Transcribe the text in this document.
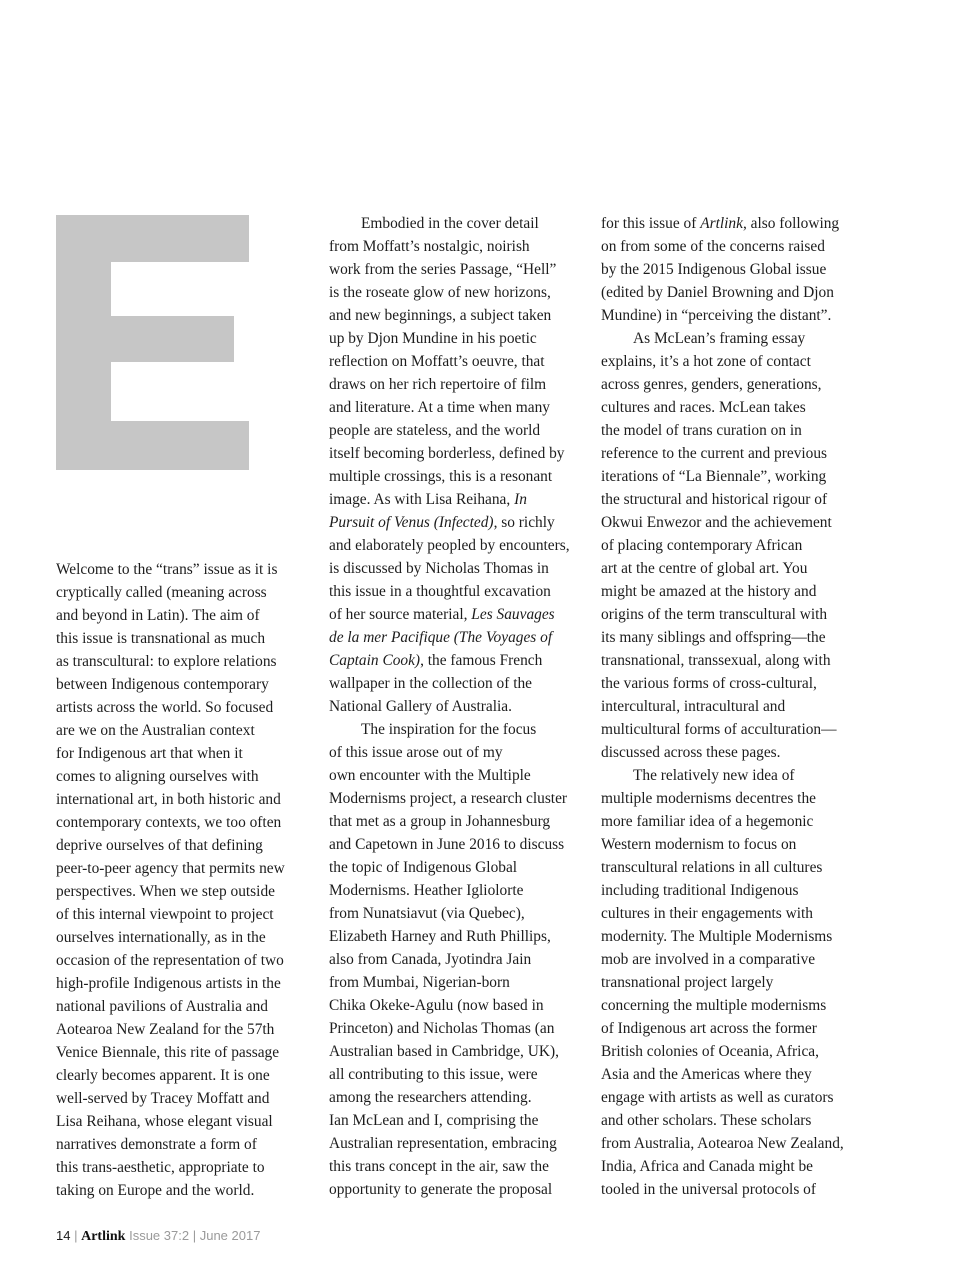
Welcome to the “trans” issue as it is
cryptically called (meaning across
and beyond in Latin). The aim of
this issue is transnational as much
as transcultural: to explore relations
between Indigenous contemporary
artists across the world. So focused
are we on the Australian context
for Indigenous art that when it
comes to aligning ourselves with
international art, in both historic and
contemporary contexts, we too often
deprive ourselves of that defining
peer-to-peer agency that permits new
perspectives. When we step outside
of this internal viewpoint to project
ourselves internationally, as in the
occasion of the representation of two
high-profile Indigenous artists in the
national pavilions of Australia and
Aotearoa New Zealand for the 57th
Venice Biennale, this rite of passage
clearly becomes apparent. It is one
well-served by Tracey Moffatt and
Lisa Reihana, whose elegant visual
narratives demonstrate a form of
this trans-aesthetic, appropriate to
taking on Europe and the world.

Embodied in the cover detail
from Moffatt’s nostalgic, noirish
work from the series Passage, “Hell”
is the roseate glow of new horizons,
and new beginnings, a subject taken
up by Djon Mundine in his poetic
reflection on Moffatt’s oeuvre, that
draws on her rich repertoire of film
and literature. At a time when many
people are stateless, and the world
itself becoming borderless, defined by
multiple crossings, this is a resonant
image. As with Lisa Reihana, In
Pursuit of Venus (Infected), so richly
and elaborately peopled by encounters,
is discussed by Nicholas Thomas in
this issue in a thoughtful excavation
of her source material, Les Sauvages
de la mer Pacifique (The Voyages of
Captain Cook), the famous French
wallpaper in the collection of the
National Gallery of Australia.

The inspiration for the focus
of this issue arose out of my
own encounter with the Multiple
Modernisms project, a research cluster
that met as a group in Johannesburg
and Capetown in June 2016 to discuss
the topic of Indigenous Global
Modernisms. Heather Igliolorte
from Nunatsiavut (via Quebec),
Elizabeth Harney and Ruth Phillips,
also from Canada, Jyotindra Jain
from Mumbai, Nigerian-born
Chika Okeke-Agulu (now based in
Princeton) and Nicholas Thomas (an
Australian based in Cambridge, UK),
all contributing to this issue, were
among the researchers attending.
Ian McLean and I, comprising the
Australian representation, embracing
this trans concept in the air, saw the
opportunity to generate the proposal

for this issue of Artlink, also following
on from some of the concerns raised
by the 2015 Indigenous Global issue
(edited by Daniel Browning and Djon
Mundine) in “perceiving the distant”.

As McLean’s framing essay
explains, it’s a hot zone of contact
across genres, genders, generations,
cultures and races. McLean takes
the model of trans curation on in
reference to the current and previous
iterations of “La Biennale”, working
the structural and historical rigour of
Okwui Enwezor and the achievement
of placing contemporary African
art at the centre of global art. You
might be amazed at the history and
origins of the term transcultural with
its many siblings and offspring—the
transnational, transsexual, along with
the various forms of cross-cultural,
intercultural, intracultural and
multicultural forms of acculturation—
discussed across these pages.

The relatively new idea of
multiple modernisms decentres the
more familiar idea of a hegemonic
Western modernism to focus on
transcultural relations in all cultures
including traditional Indigenous
cultures in their engagements with
modernity. The Multiple Modernisms
mob are involved in a comparative
transnational project largely
concerning the multiple modernisms
of Indigenous art across the former
British colonies of Oceania, Africa,
Asia and the Americas where they
engage with artists as well as curators
and other scholars. These scholars
from Australia, Aotearoa New Zealand,
India, Africa and Canada might be
tooled in the universal protocols of

14 | Artlink Issue 37:2 | June 2017
